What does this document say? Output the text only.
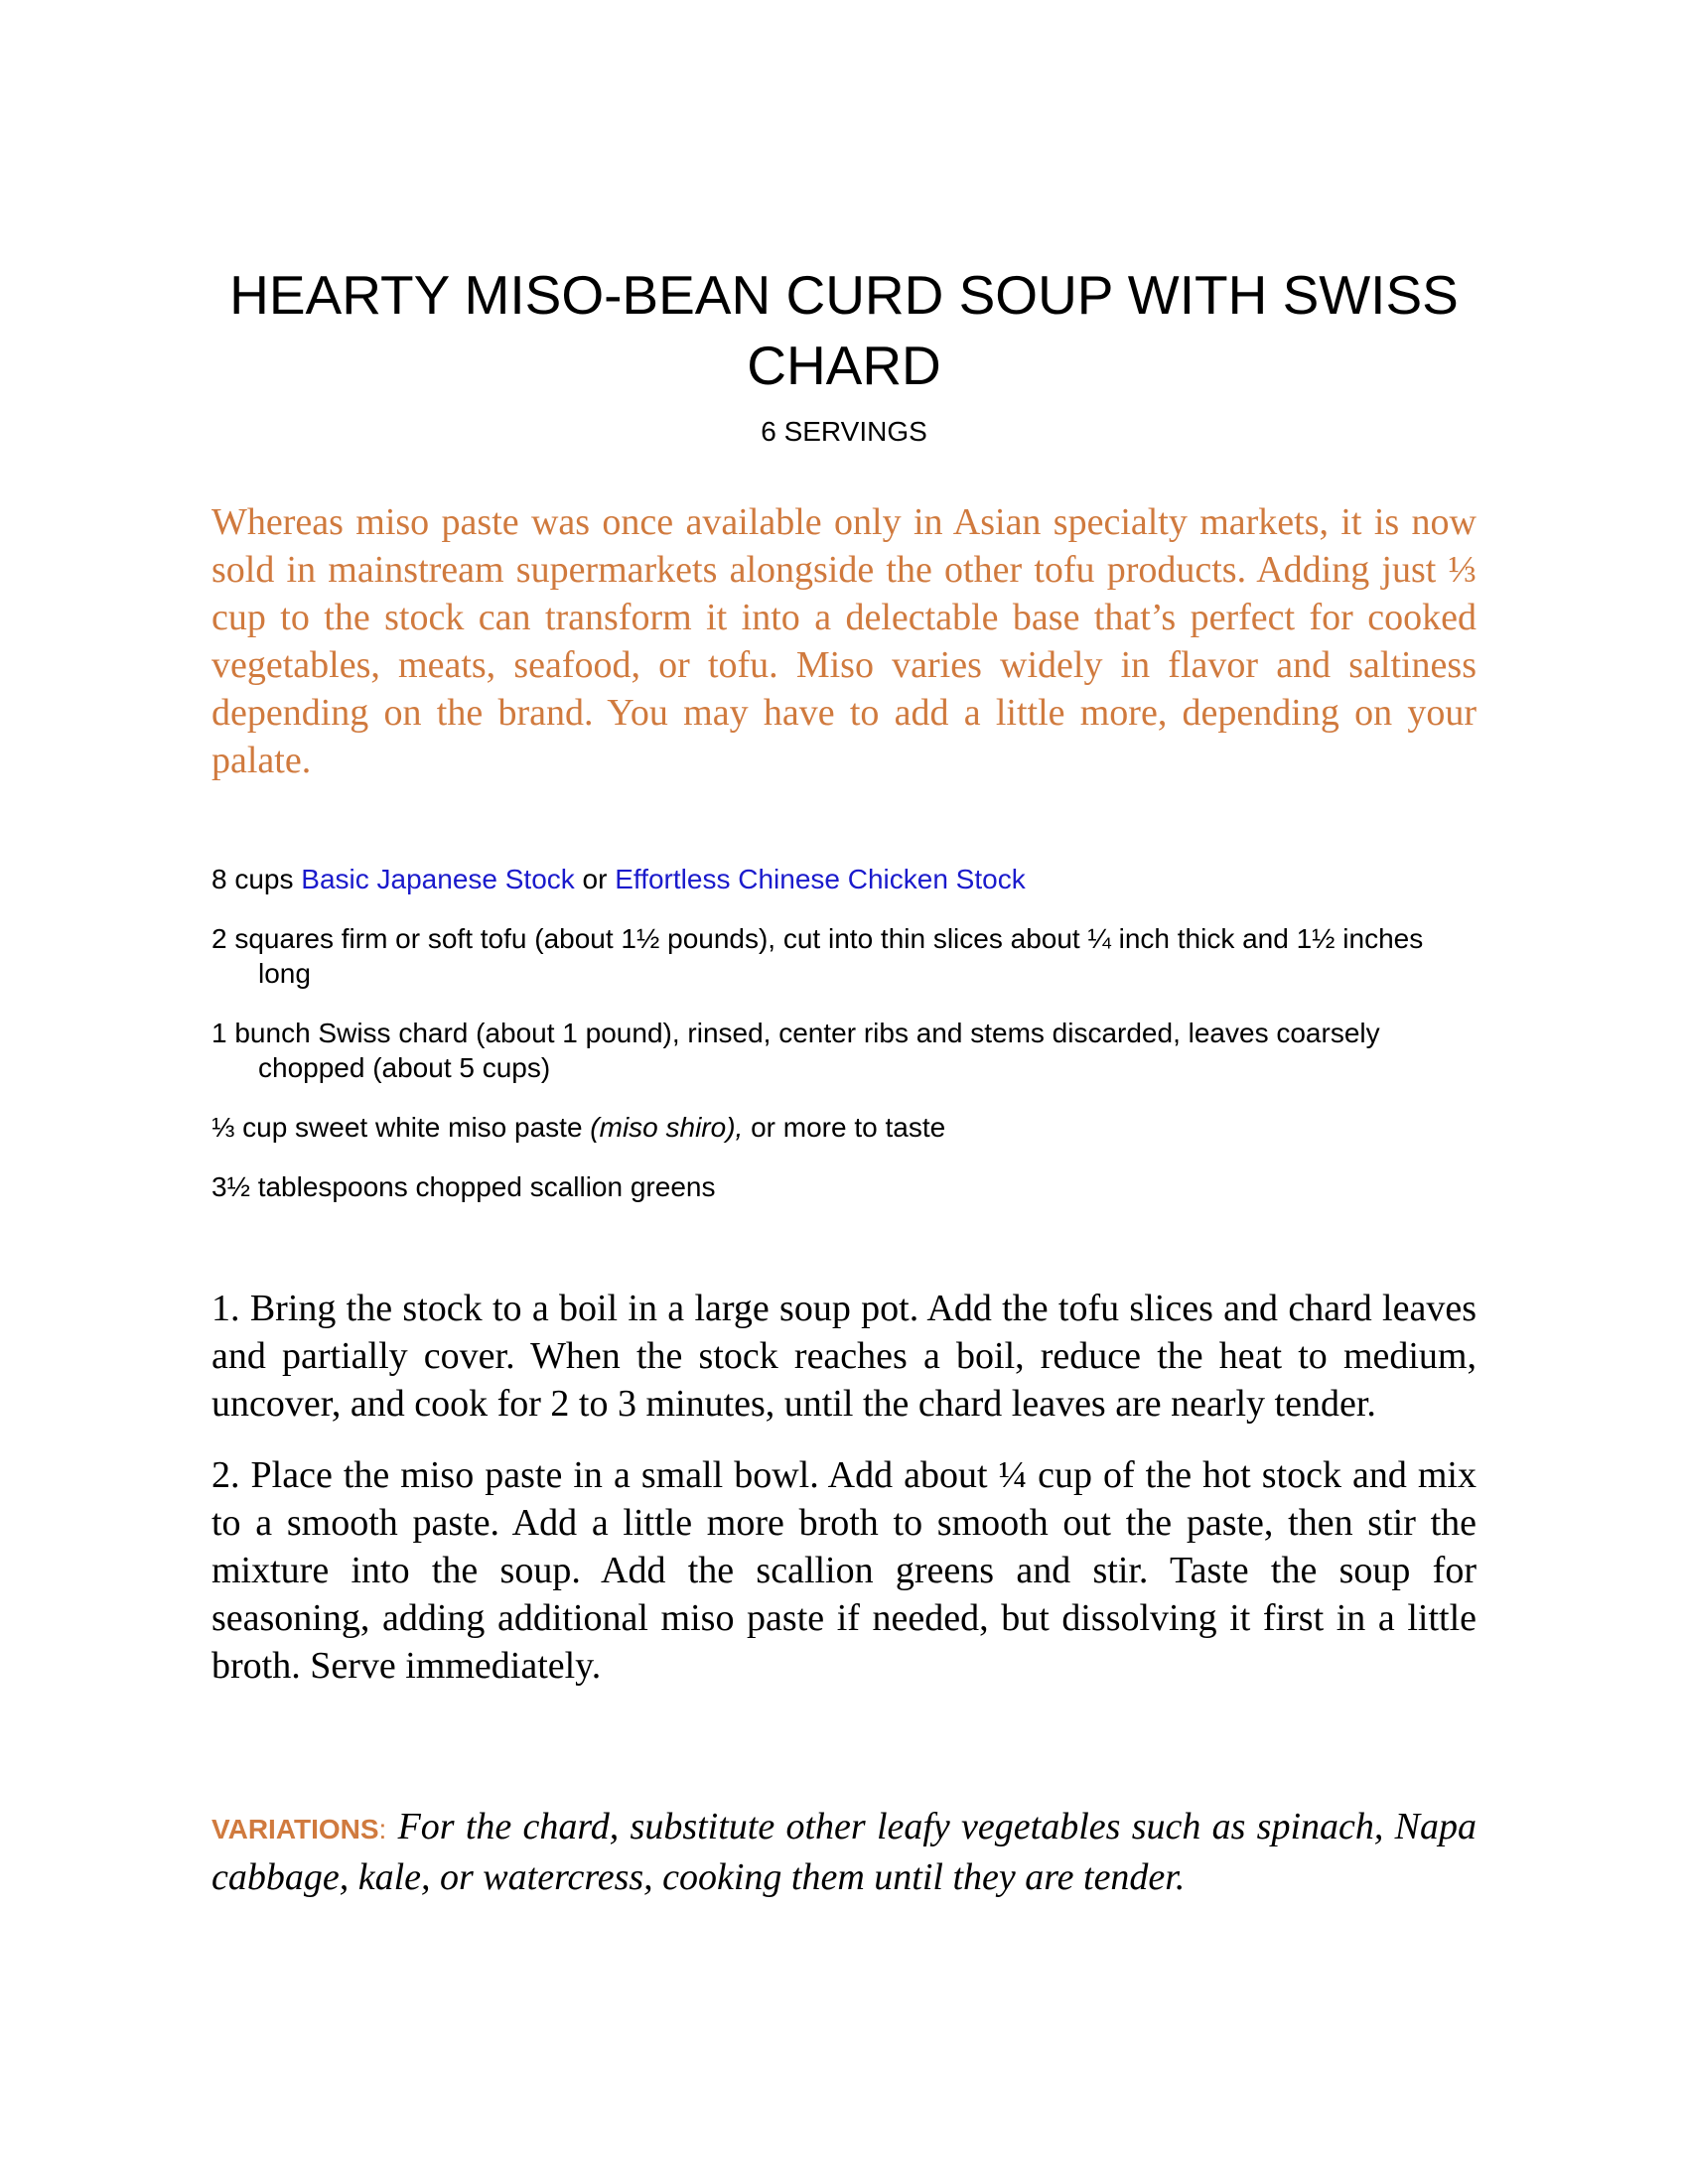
HEARTY MISO-BEAN CURD SOUP WITH SWISS CHARD
6 SERVINGS

Whereas miso paste was once available only in Asian specialty markets, it is now sold in mainstream supermarkets alongside the other tofu products. Adding just ⅓ cup to the stock can transform it into a delectable base that’s perfect for cooked vegetables, meats, seafood, or tofu. Miso varies widely in flavor and saltiness depending on the brand. You may have to add a little more, depending on your palate.

8 cups Basic Japanese Stock or Effortless Chinese Chicken Stock
2 squares firm or soft tofu (about 1½ pounds), cut into thin slices about ¼ inch thick and 1½ inches long
1 bunch Swiss chard (about 1 pound), rinsed, center ribs and stems discarded, leaves coarsely chopped (about 5 cups)
⅓ cup sweet white miso paste (miso shiro), or more to taste
3½ tablespoons chopped scallion greens
1. Bring the stock to a boil in a large soup pot. Add the tofu slices and chard leaves and partially cover. When the stock reaches a boil, reduce the heat to medium, uncover, and cook for 2 to 3 minutes, until the chard leaves are nearly tender.
2. Place the miso paste in a small bowl. Add about ¼ cup of the hot stock and mix to a smooth paste. Add a little more broth to smooth out the paste, then stir the mixture into the soup. Add the scallion greens and stir. Taste the soup for seasoning, adding additional miso paste if needed, but dissolving it first in a little broth. Serve immediately.

VARIATIONS: For the chard, substitute other leafy vegetables such as spinach, Napa cabbage, kale, or watercress, cooking them until they are tender.
